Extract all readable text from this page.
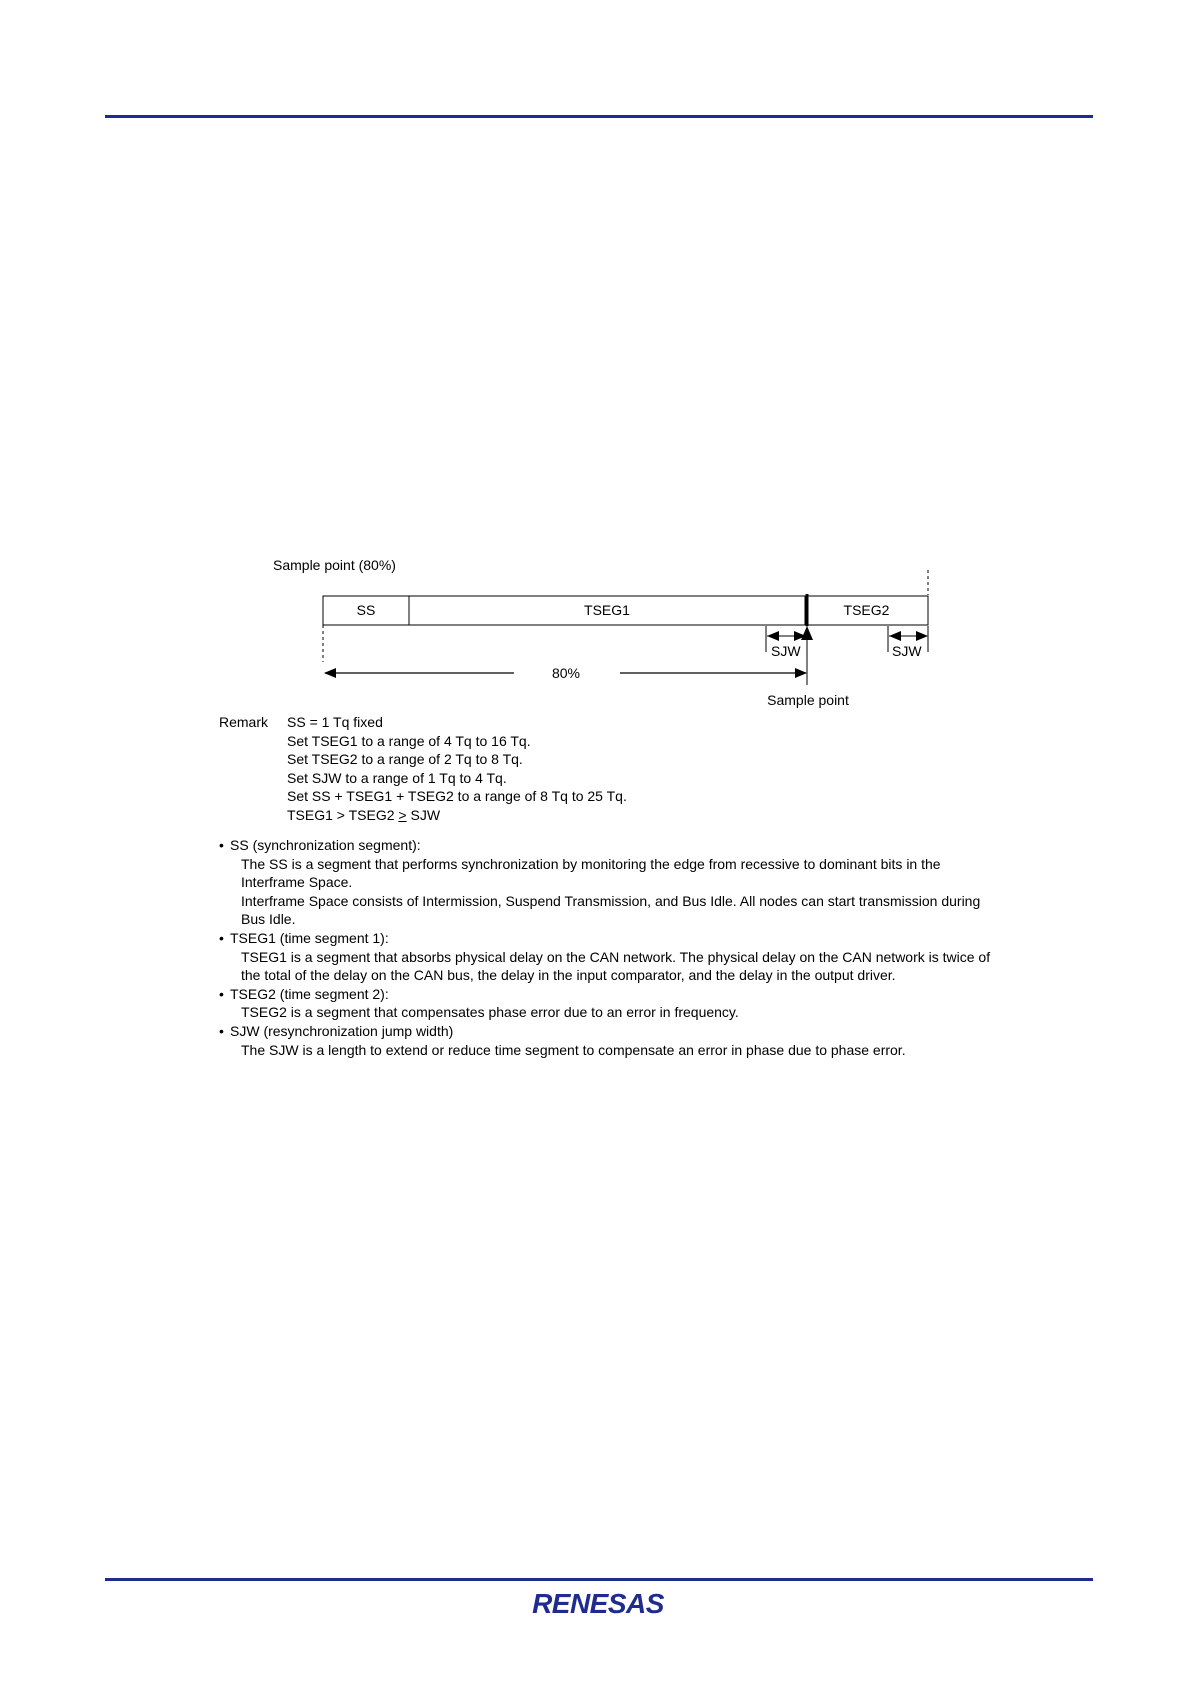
Sample point (80%)
SS	TSEG1	TSEG2
SJW	SJW
80%
Sample point
Remark	SS = 1 Tq fixed
Set TSEG1 to a range of 4 Tq to 16 Tq.
Set TSEG2 to a range of 2 Tq to 8 Tq.
Set SJW to a range of 1 Tq to 4 Tq.
Set SS + TSEG1 + TSEG2 to a range of 8 Tq to 25 Tq.
TSEG1 > TSEG2 > SJW
• SS (synchronization segment):

The SS is a segment that performs synchronization by monitoring the edge from recessive to dominant bits in the Interframe Space.

Interframe Space consists of Intermission, Suspend Transmission, and Bus Idle. All nodes can start transmission during Bus Idle.

• TSEG1 (time segment 1):

TSEG1 is a segment that absorbs physical delay on the CAN network. The physical delay on the CAN network is twice of the total of the delay on the CAN bus, the delay in the input comparator, and the delay in the output driver.

• TSEG2 (time segment 2):

TSEG2 is a segment that compensates phase error due to an error in frequency.

• SJW (resynchronization jump width)

The SJW is a length to extend or reduce time segment to compensate an error in phase due to phase error.

RENESAS
